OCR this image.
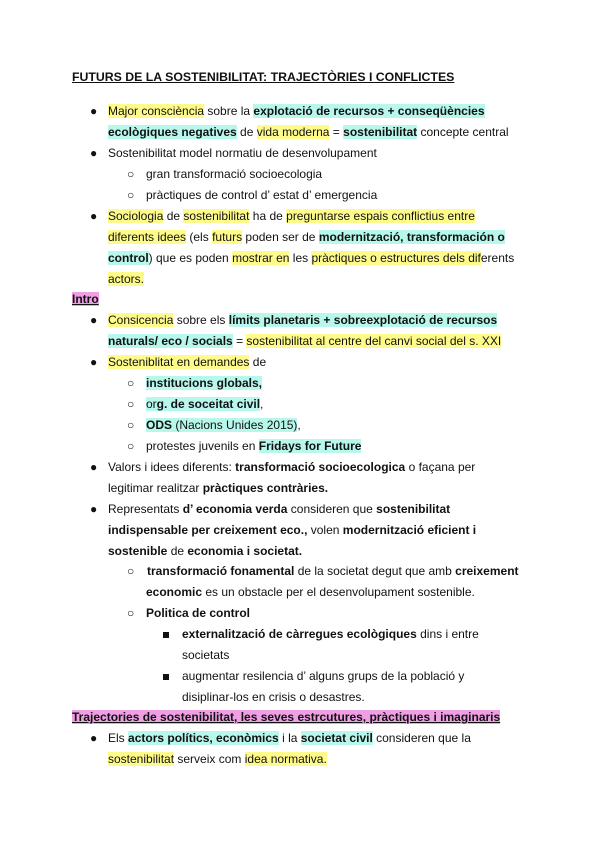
FUTURS DE LA SOSTENIBILITAT: TRAJECTÒRIES I CONFLICTES
● Major consciència sobre la explotació de recursos + conseqüències
ecològiques negatives de vida moderna = sostenibilitat concepte central
● Sostenibilitat model normatiu de desenvolupament
○ gran transformació socioecologia
○ pràctiques de control d’ estat d’ emergencia
● Sociologia de sostenibilitat ha de preguntarse espais conflictius entre
diferents idees (els futurs poden ser de modernització, transformación o
control) que es poden mostrar en les pràctiques o estructures dels diferents
actors.
Intro
● Consicencia sobre els límits planetaris + sobreexplotació de recursos
naturals/ eco / socials = sostenibilitat al centre del canvi social del s. XXI
● Sosteniblitat en demandes de
○ institucions globals,
○ org. de soceitat civil,
○ ODS (Nacions Unides 2015),
○ protestes juvenils en Fridays for Future
● Valors i idees diferents: transformació socioecologica o façana per
legitimar realitzar pràctiques contràries.
● Representats d’ economia verda consideren que sostenibilitat
indispensable per creixement eco., volen modernització eficient i
sostenible de economia i societat.
○ transformació fonamental de la societat degut que amb creixement
economic es un obstacle per el desenvolupament sostenible.
○ Politica de control
externalització de càrregues ecològiques dins i entre
societats
augmentar resilencia d’ alguns grups de la població y
disiplinar-los en crisis o desastres.
Trajectories de sostenibilitat, les seves estrcutures, pràctiques i imaginaris
● Els actors polítics, econòmics i la societat civil consideren que la
sostenibilitat serveix com idea normativa.
